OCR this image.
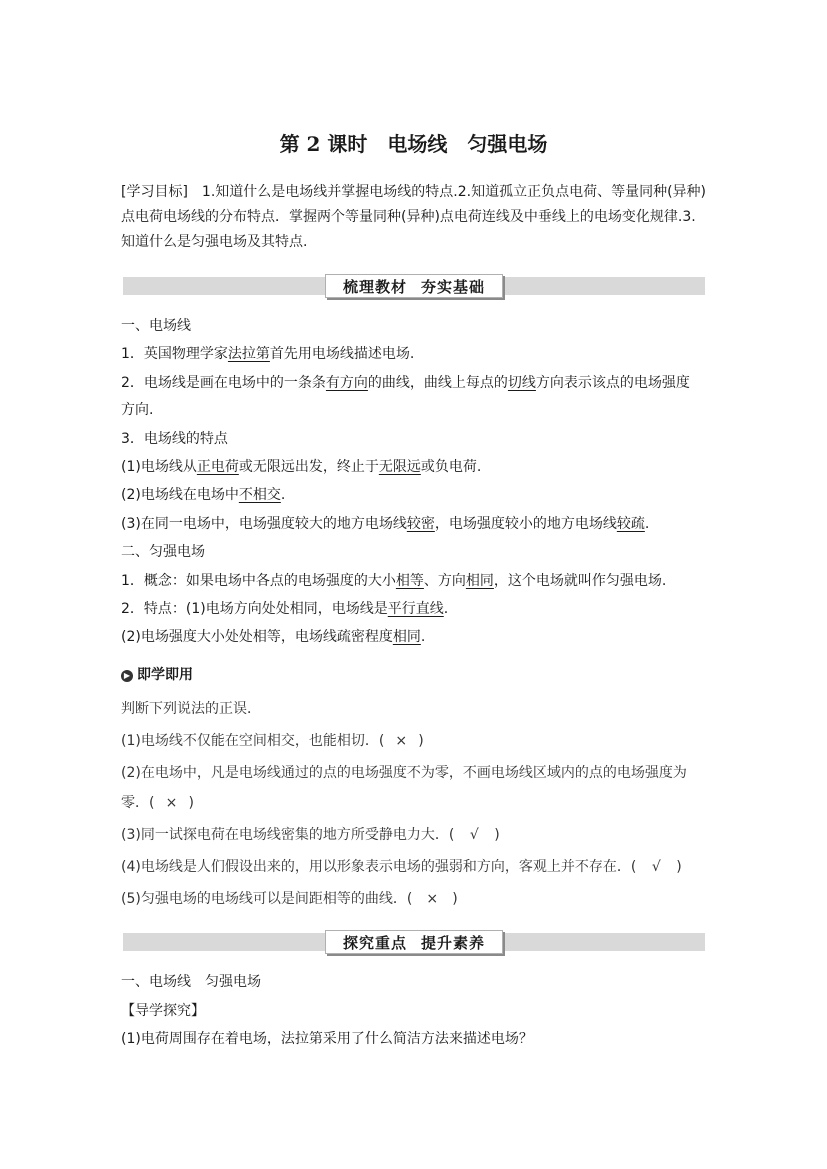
第 2 课时　电场线　匀强电场
[学习目标]　1.知道什么是电场线并掌握电场线的特点.2.知道孤立正负点电荷、等量同种(异种)点电荷电场线的分布特点．掌握两个等量同种(异种)点电荷连线及中垂线上的电场变化规律.3.知道什么是匀强电场及其特点.
梳理教材 夯实基础
一、电场线
1．英国物理学家法拉第首先用电场线描述电场.
2．电场线是画在电场中的一条条有方向的曲线，曲线上每点的切线方向表示该点的电场强度
方向.
3．电场线的特点
(1)电场线从正电荷或无限远出发，终止于无限远或负电荷.
(2)电场线在电场中不相交.
(3)在同一电场中，电场强度较大的地方电场线较密，电场强度较小的地方电场线较疏.
二、匀强电场
1．概念：如果电场中各点的电场强度的大小相等、方向相同，这个电场就叫作匀强电场.
2．特点：(1)电场方向处处相同，电场线是平行直线.
(2)电场强度大小处处相等，电场线疏密程度相同.
▶ 即学即用
判断下列说法的正误．
(1)电场线不仅能在空间相交，也能相切．( × )
(2)在电场中，凡是电场线通过的点的电场强度不为零，不画电场线区域内的点的电场强度为
零．( × )
(3)同一试探电荷在电场线密集的地方所受静电力大．( √ )
(4)电场线是人们假设出来的，用以形象表示电场的强弱和方向，客观上并不存在．( √ )
(5)匀强电场的电场线可以是间距相等的曲线．( × )
探究重点 提升素养
一、电场线　匀强电场
【导学探究】
(1)电荷周围存在着电场，法拉第采用了什么简洁方法来描述电场？
